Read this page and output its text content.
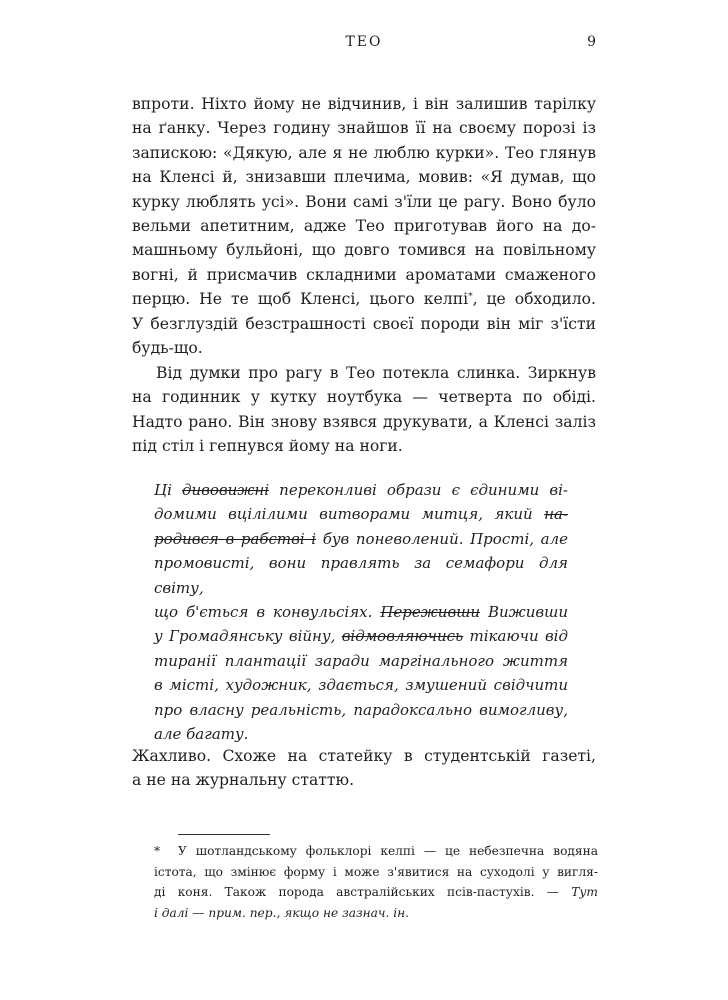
ТЕО	9

впроти. Ніхто йому не відчинив, і він залишив тарілку
на ґанку. Через годину знайшов її на своєму порозі із
запискою: «Дякую, але я не люблю курки». Тео глянув
на Кленсі й, знизавши плечима, мовив: «Я думав, що
курку люблять усі». Вони самі з'їли це рагу. Воно було
вельми апетитним, адже Тео приготував його на до-
машньому бульйоні, що довго томився на повільному
вогні, й присмачив складними ароматами смаженого
перцю. Не те щоб Кленсі, цього келпі*, це обходило.
У безглуздій безстрашності своєї породи він міг з'їсти
будь-що.

Від думки про рагу в Тео потекла слинка. Зиркнув
на годинник у кутку ноутбука — четверта по обіді.
Надто рано. Він знову взявся друкувати, а Кленсі заліз
під стіл і гепнувся йому на ноги.

Ці дивовижні переконливі образи є єдиними ві-
домими вцілілими витворами митця, який на-
родився в рабстві і був поневолений. Прості, але
промовисті, вони правлять за семафори для світу,
що б'ється в конвульсіях. Переживши Виживши
у Громадянську війну, відмовляючись тікаючи від
тиранії плантації заради маргінального життя
в місті, художник, здається, змушений свідчити
про власну реальність, парадоксально вимогливу,
але багату.

Жахливо. Схоже на статейку в студентській газеті,
а не на журнальну статтю.

* У шотландському фольклорі келпі — це небезпечна водяна
істота, що змінює форму і може з'явитися на суходолі у вигля-
ді коня. Також порода австралійських псів-пастухів. — Тут
і далі — прим. пер., якщо не зазнач. ін.
